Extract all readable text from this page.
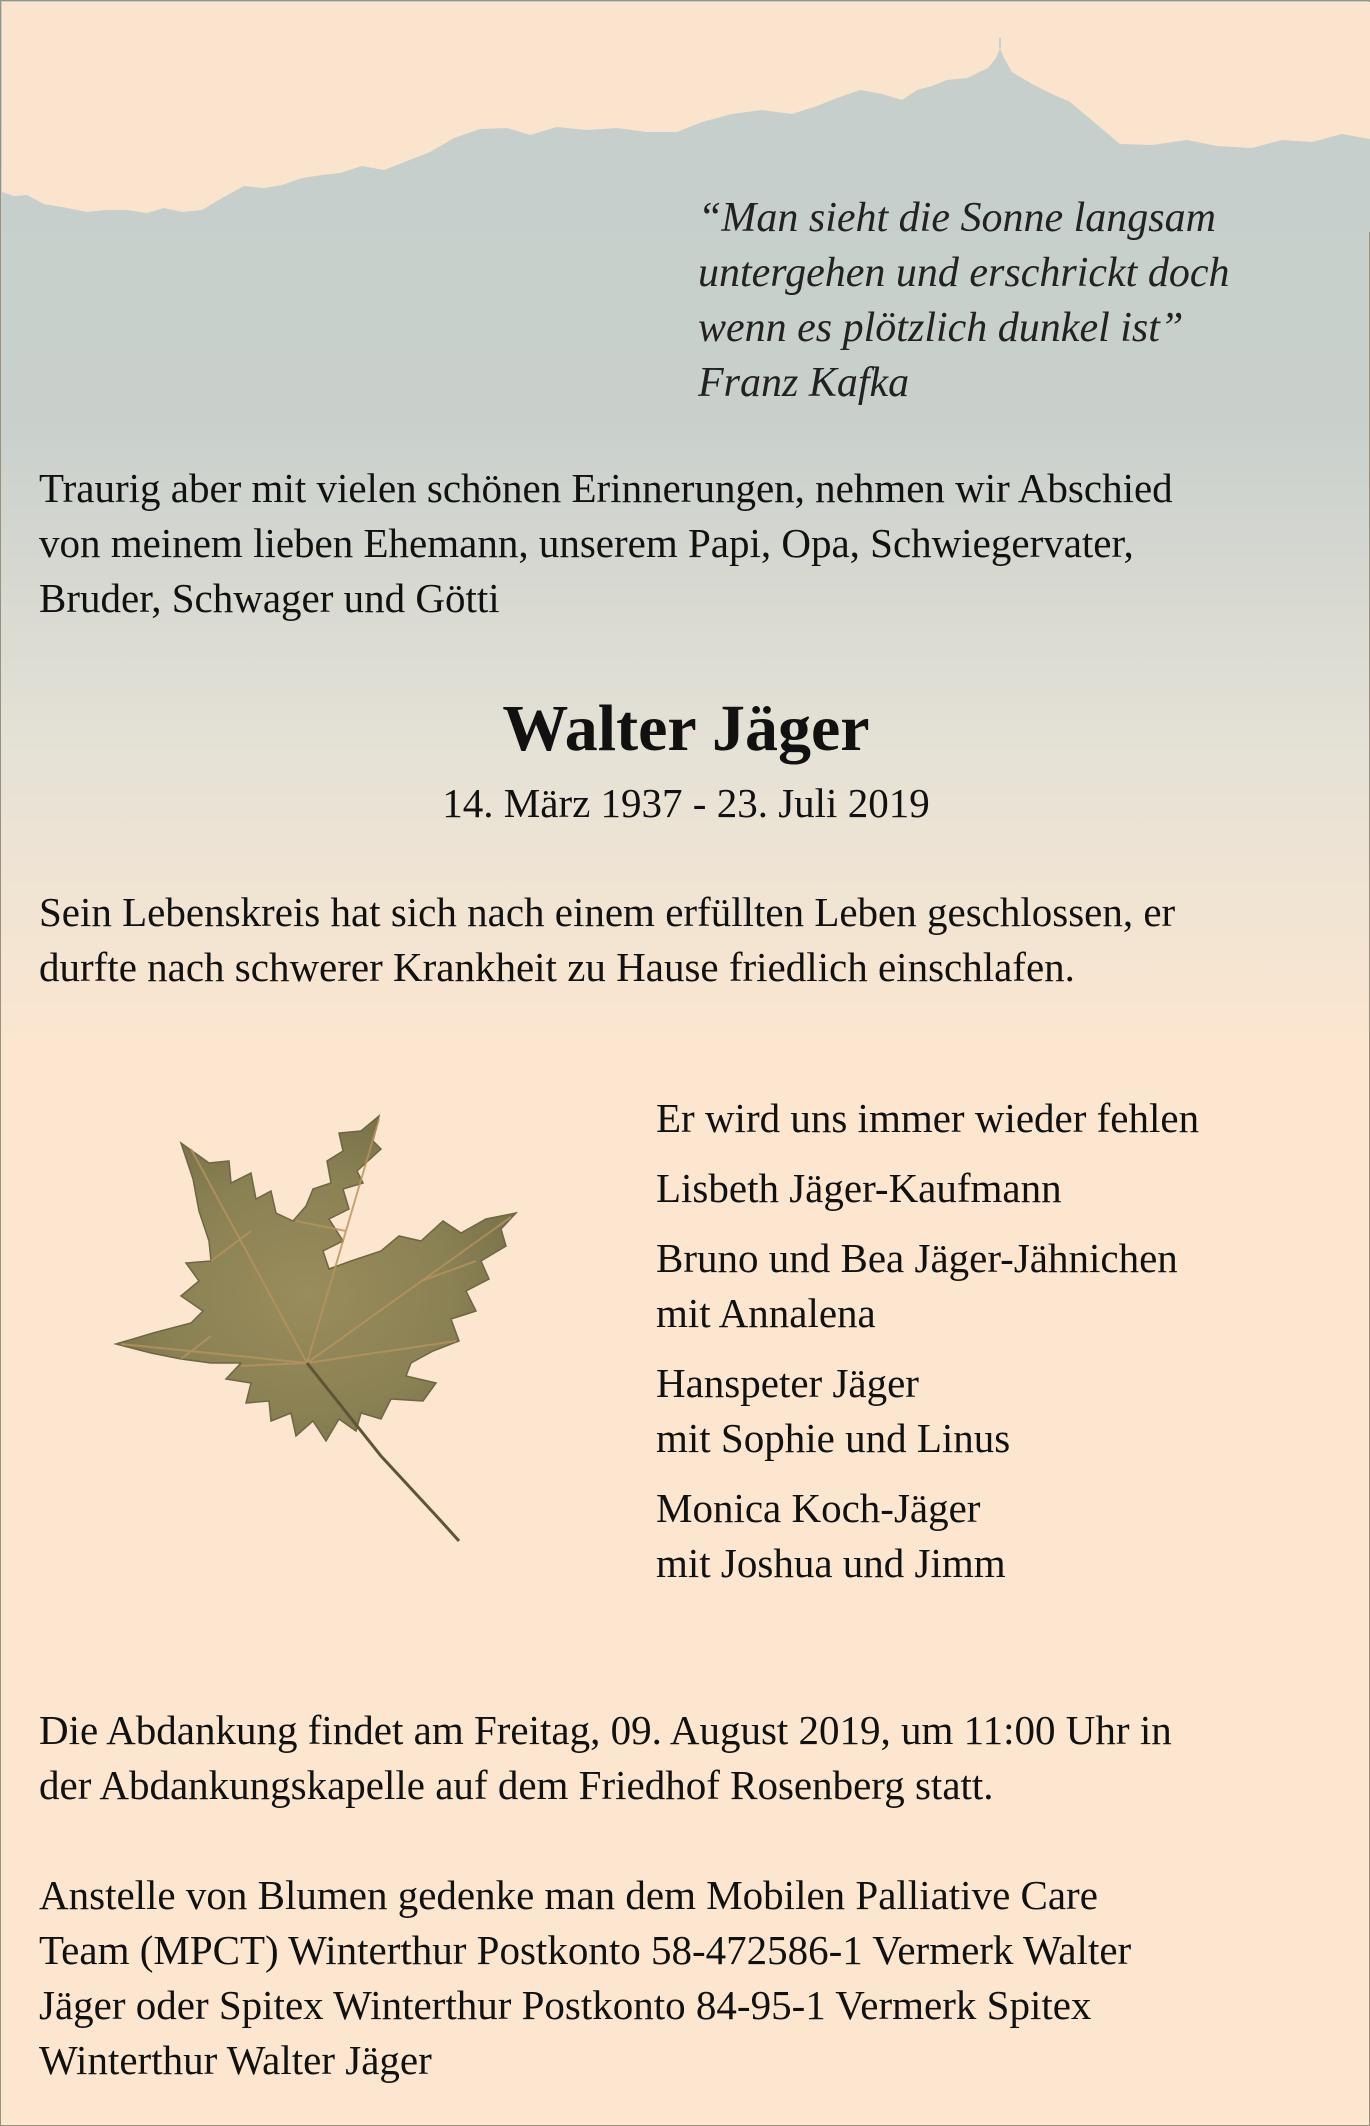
“Man sieht die Sonne langsam
untergehen und erschrickt doch
wenn es plötzlich dunkel ist”
Franz Kafka
Traurig aber mit vielen schönen Erinnerungen, nehmen wir Abschied
von meinem lieben Ehemann, unserem Papi, Opa, Schwiegervater,
Bruder, Schwager und Götti
Walter Jäger
14. März 1937 - 23. Juli 2019
Sein Lebenskreis hat sich nach einem erfüllten Leben geschlossen, er
durfte nach schwerer Krankheit zu Hause friedlich einschlafen.
Er wird uns immer wieder fehlen
Lisbeth Jäger-Kaufmann
Bruno und Bea Jäger-Jähnichen
mit Annalena
Hanspeter Jäger
mit Sophie und Linus
Monica Koch-Jäger
mit Joshua und Jimm
Die Abdankung findet am Freitag, 09. August 2019, um 11:00 Uhr in
der Abdankungskapelle auf dem Friedhof Rosenberg statt.
Anstelle von Blumen gedenke man dem Mobilen Palliative Care
Team (MPCT) Winterthur Postkonto 58-472586-1 Vermerk Walter
Jäger oder Spitex Winterthur Postkonto 84-95-1 Vermerk Spitex
Winterthur Walter Jäger
